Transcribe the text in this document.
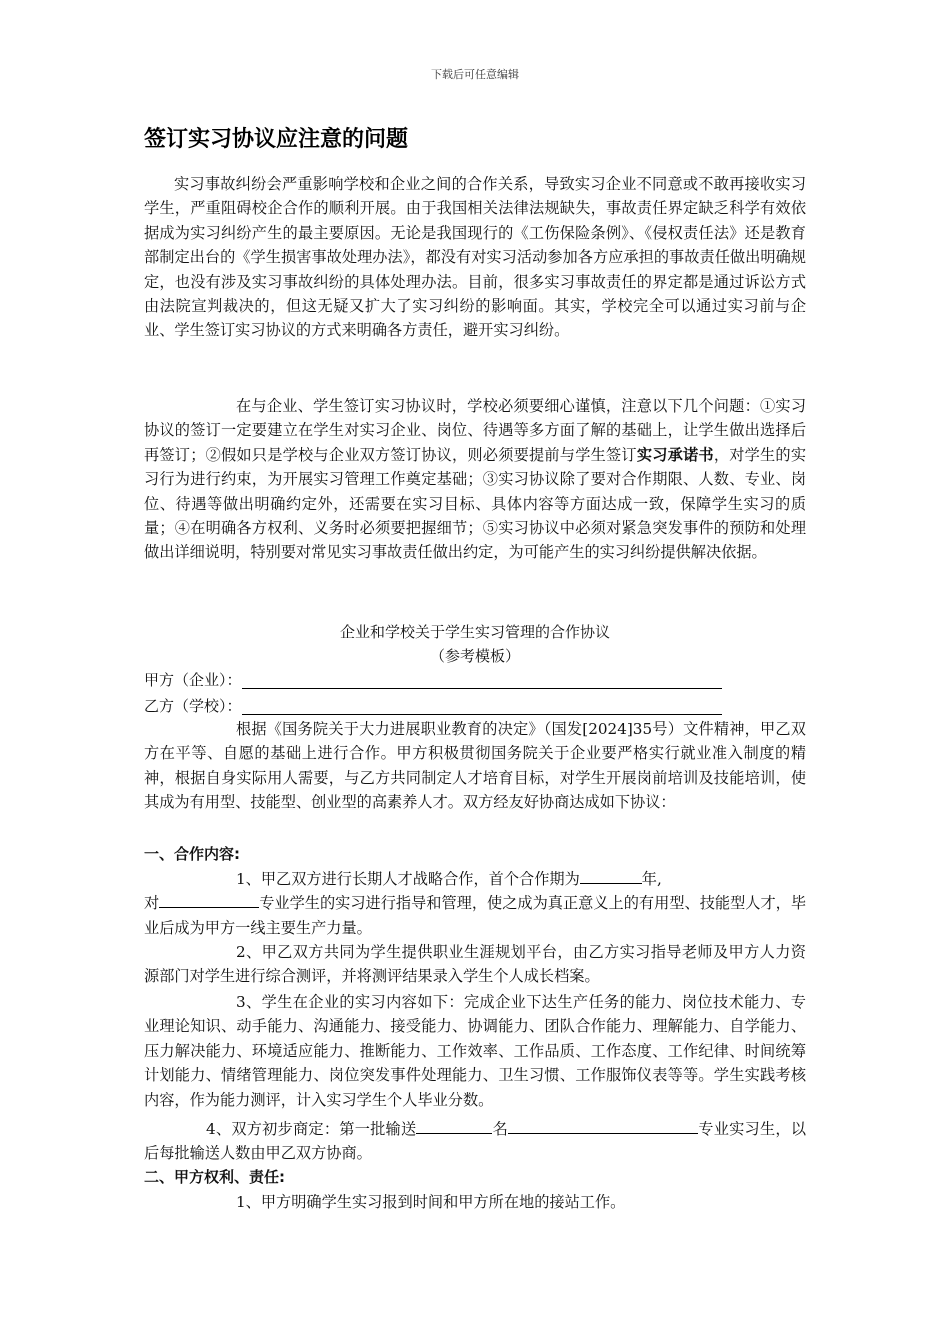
下载后可任意编辑
签订实习协议应注意的问题

实习事故纠纷会严重影响学校和企业之间的合作关系，导致实习企业不同意或不敢再接收实习学生，严重阻碍校企合作的顺利开展。由于我国相关法律法规缺失，事故责任界定缺乏科学有效依据成为实习纠纷产生的最主要原因。无论是我国现行的《工伤保险条例》、《侵权责任法》还是教育部制定出台的《学生损害事故处理办法》，都没有对实习活动参加各方应承担的事故责任做出明确规定，也没有涉及实习事故纠纷的具体处理办法。目前，很多实习事故责任的界定都是通过诉讼方式由法院宣判裁决的，但这无疑又扩大了实习纠纷的影响面。其实，学校完全可以通过实习前与企业、学生签订实习协议的方式来明确各方责任，避开实习纠纷。

在与企业、学生签订实习协议时，学校必须要细心谨慎，注意以下几个问题：①实习协议的签订一定要建立在学生对实习企业、岗位、待遇等多方面了解的基础上，让学生做出选择后再签订；②假如只是学校与企业双方签订协议，则必须要提前与学生签订实习承诺书，对学生的实习行为进行约束，为开展实习管理工作奠定基础；③实习协议除了要对合作期限、人数、专业、岗位、待遇等做出明确约定外，还需要在实习目标、具体内容等方面达成一致，保障学生实习的质量；④在明确各方权利、义务时必须要把握细节；⑤实习协议中必须对紧急突发事件的预防和处理做出详细说明，特别要对常见实习事故责任做出约定，为可能产生的实习纠纷提供解决依据。

企业和学校关于学生实习管理的合作协议
（参考模板）
甲方（企业）：
乙方（学校）：

根据《国务院关于大力进展职业教育的决定》（国发[2024]35号）文件精神，甲乙双方在平等、自愿的基础上进行合作。甲方积极贯彻国务院关于企业要严格实行就业准入制度的精神，根据自身实际用人需要，与乙方共同制定人才培育目标，对学生开展岗前培训及技能培训，使其成为有用型、技能型、创业型的高素养人才。双方经友好协商达成如下协议：

一、合作内容:

1、甲乙双方进行长期人才战略合作，首个合作期为	年,
对	专业学生的实习进行指导和管理，使之成为真正意义上的有用型、技能型人才，毕业后成为甲方一线主要生产力量。

2、甲乙双方共同为学生提供职业生涯规划平台，由乙方实习指导老师及甲方人力资源部门对学生进行综合测评，并将测评结果录入学生个人成长档案。

3、学生在企业的实习内容如下：完成企业下达生产任务的能力、岗位技术能力、专业理论知识、动手能力、沟通能力、接受能力、协调能力、团队合作能力、理解能力、自学能力、压力解决能力、环境适应能力、推断能力、工作效率、工作品质、工作态度、工作纪律、时间统筹计划能力、情绪管理能力、岗位突发事件处理能力、卫生习惯、工作服饰仪表等等。学生实践考核内容，作为能力测评，计入实习学生个人毕业分数。

4、双方初步商定：第一批输送	名	专业实习生，以后每批输送人数由甲乙双方协商。

二、甲方权利、责任:

1、甲方明确学生实习报到时间和甲方所在地的接站工作。
